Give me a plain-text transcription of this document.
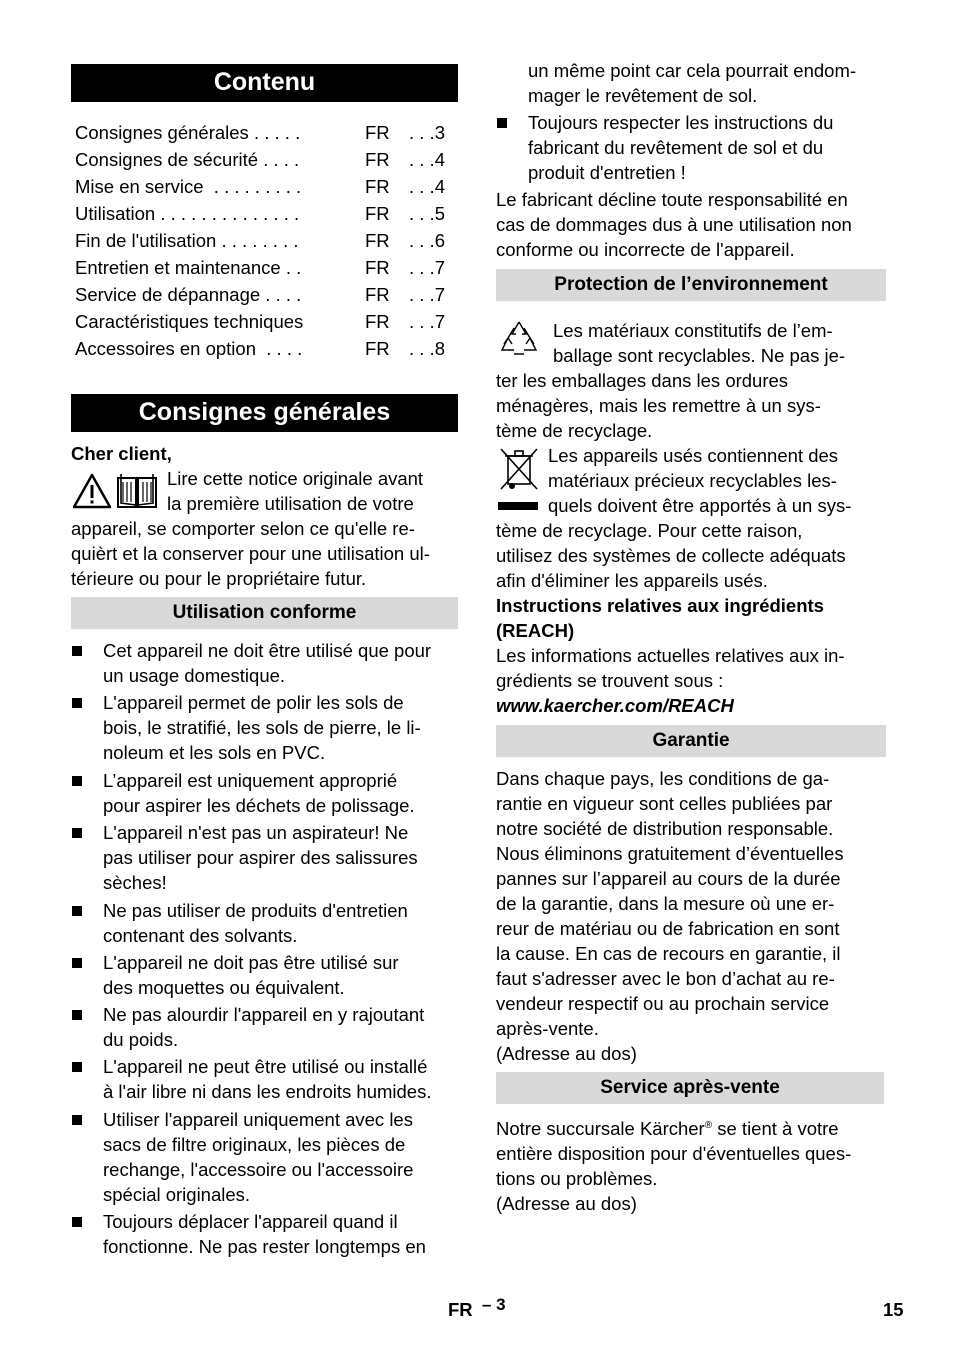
Contenu
Consignes générales . . . . .	FR . . .3
Consignes de sécurité . . . .	FR . . .4
Mise en service  . . . . . . . . .	FR . . .4
Utilisation . . . . . . . . . . . . . .	FR . . .5
Fin de l'utilisation . . . . . . . .	FR . . .6
Entretien et maintenance . .	FR . . .7
Service de dépannage . . . .	FR . . .7
Caractéristiques techniques	FR . . .7
Accessoires en option  . . . .	FR . . .8
Consignes générales
Cher client,
Lire cette notice originale avant
la première utilisation de votre
appareil, se comporter selon ce qu'elle re-
quièrt et la conserver pour une utilisation ul-
térieure ou pour le propriétaire futur.
Utilisation conforme
Cet appareil ne doit être utilisé que pour
un usage domestique.
L'appareil permet de polir les sols de
bois, le stratifié, les sols de pierre, le li-
noleum et les sols en PVC.
L’appareil est uniquement approprié
pour aspirer les déchets de polissage.
L'appareil n'est pas un aspirateur! Ne
pas utiliser pour aspirer des salissures
sèches!
Ne pas utiliser de produits d'entretien
contenant des solvants.
L'appareil ne doit pas être utilisé sur
des moquettes ou équivalent.
Ne pas alourdir l'appareil en y rajoutant
du poids.
L'appareil ne peut être utilisé ou installé
à l'air libre ni dans les endroits humides.
Utiliser l'appareil uniquement avec les
sacs de filtre originaux, les pièces de
rechange, l'accessoire ou l'accessoire
spécial originales.
Toujours déplacer l'appareil quand il
fonctionne. Ne pas rester longtemps en
un même point car cela pourrait endom-
mager le revêtement de sol.
Toujours respecter les instructions du
fabricant du revêtement de sol et du
produit d'entretien !
Le fabricant décline toute responsabilité en
cas de dommages dus à une utilisation non
conforme ou incorrecte de l'appareil.
Protection de l’environnement
Les matériaux constitutifs de l’em-
ballage sont recyclables. Ne pas je-
ter les emballages dans les ordures
ménagères, mais les remettre à un sys-
tème de recyclage.
Les appareils usés contiennent des
matériaux précieux recyclables les-
quels doivent être apportés à un sys-
tème de recyclage. Pour cette raison,
utilisez des systèmes de collecte adéquats
afin d'éliminer les appareils usés.
Instructions relatives aux ingrédients
(REACH)
Les informations actuelles relatives aux in-
grédients se trouvent sous :
www.kaercher.com/REACH
Garantie
Dans chaque pays, les conditions de ga-
rantie en vigueur sont celles publiées par
notre société de distribution responsable.
Nous éliminons gratuitement d’éventuelles
pannes sur l’appareil au cours de la durée
de la garantie, dans la mesure où une er-
reur de matériau ou de fabrication en sont
la cause. En cas de recours en garantie, il
faut s'adresser avec le bon d’achat au re-
vendeur respectif ou au prochain service
après-vente.
(Adresse au dos)
Service après-vente
Notre succursale Kärcher® se tient à votre
entière disposition pour d'éventuelles ques-
tions ou problèmes.
(Adresse au dos)
FR – 3	15
